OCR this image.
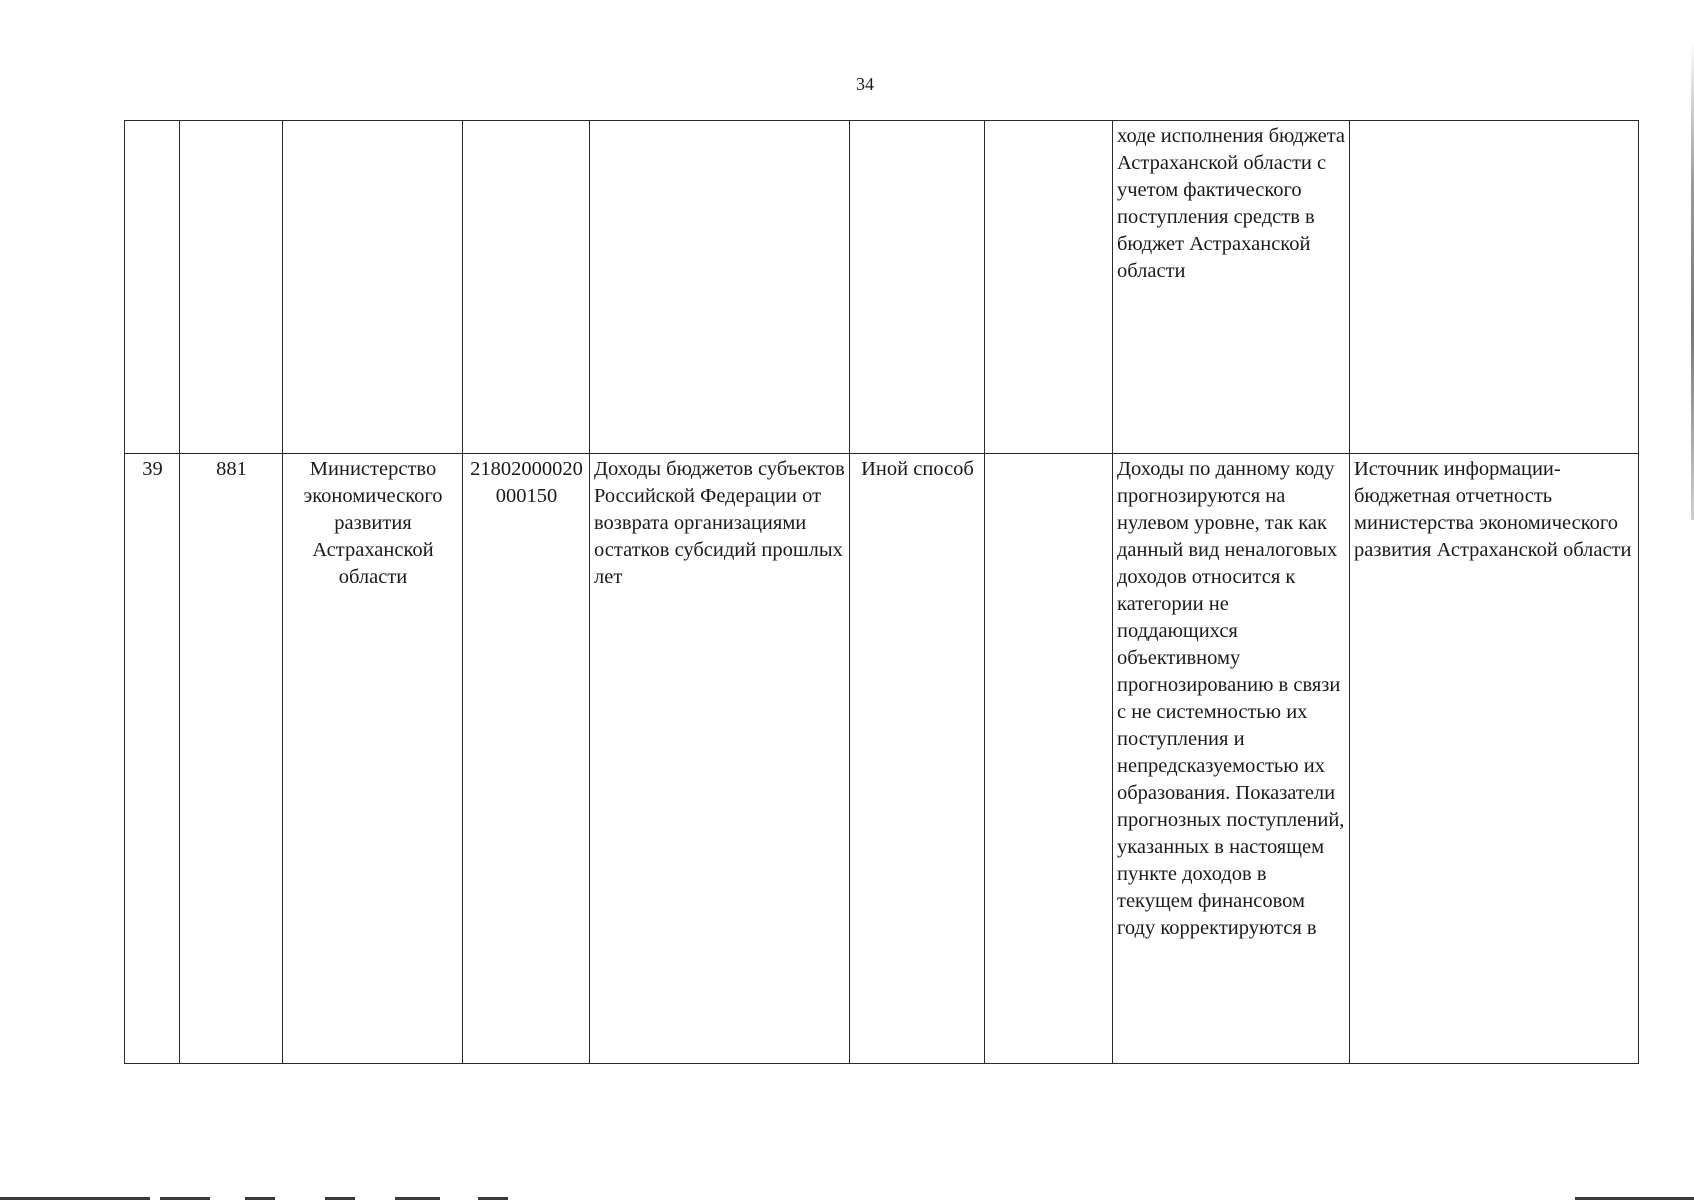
34
							ходе исполнения бюджета Астраханской области с учетом фактического поступления средств в бюджет Астраханской области	
39	881	Министерство экономического развития Астраханской области	21802000020000150	Доходы бюджетов субъектов Российской Федерации от возврата организациями остатков субсидий прошлых лет	Иной способ		Доходы по данному коду прогнозируются на нулевом уровне, так как данный вид неналоговых доходов относится к категории не поддающихся объективному прогнозированию в связи с не системностью их поступления и непредсказуемостью их образования. Показатели прогнозных поступлений, указанных в настоящем пункте доходов в текущем финансовом году корректируются в	Источник информации- бюджетная отчетность министерства экономического развития Астраханской области
